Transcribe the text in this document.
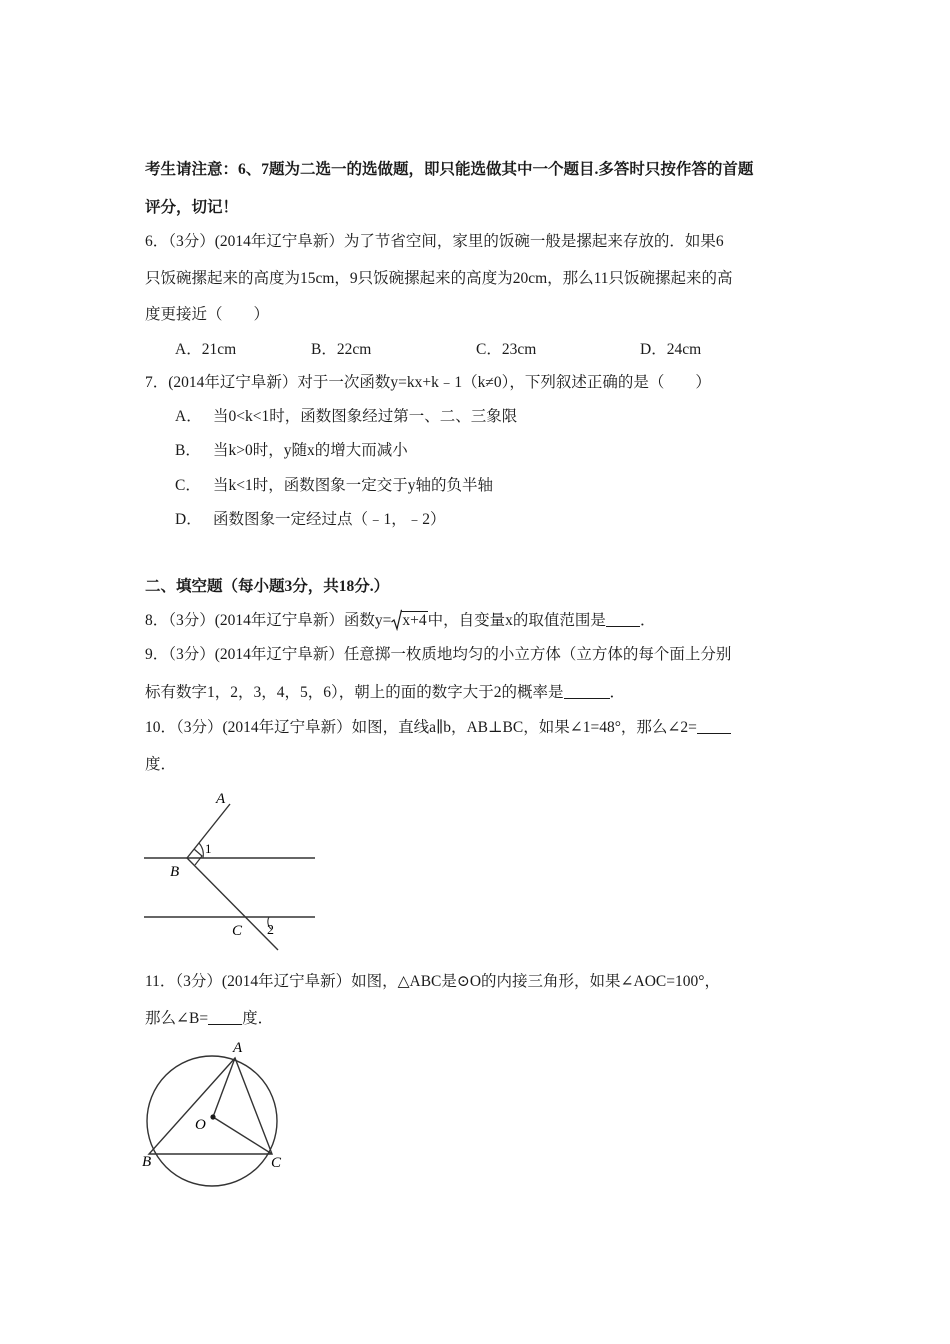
考生请注意：6、7题为二选一的选做题，即只能选做其中一个题目.多答时只按作答的首题
评分，切记！
6．（3分）(2014年辽宁阜新）为了节省空间，家里的饭碗一般是摞起来存放的．如果6
只饭碗摞起来的高度为15cm，9只饭碗摞起来的高度为20cm，那么11只饭碗摞起来的高
度更接近（　　）
A．21cm	B．22cm	C．23cm	D．24cm
7．(2014年辽宁阜新）对于一次函数y=kx+k﹣1（k≠0），下列叙述正确的是（　　）
A． 当0<k<1时，函数图象经过第一、二、三象限
B． 当k>0时，y随x的增大而减小
C． 当k<1时，函数图象一定交于y轴的负半轴
D． 函数图象一定经过点（﹣1，﹣2）
二、填空题（每小题3分，共18分.）
8．（3分）(2014年辽宁阜新）函数y= x+4中，自变量x的取值范围是 ．
9．（3分）(2014年辽宁阜新）任意掷一枚质地均匀的小立方体（立方体的每个面上分别
标有数字1，2，3，4，5，6），朝上的面的数字大于2的概率是	．
10．（3分）(2014年辽宁阜新）如图，直线a∥b，AB⊥BC，如果∠1=48°，那么∠2=
度．
A
B
C
1
2
11．（3分）(2014年辽宁阜新）如图，△ABC是⊙O的内接三角形，如果∠AOC=100°，
那么∠B= 度．
A
B	C
O
